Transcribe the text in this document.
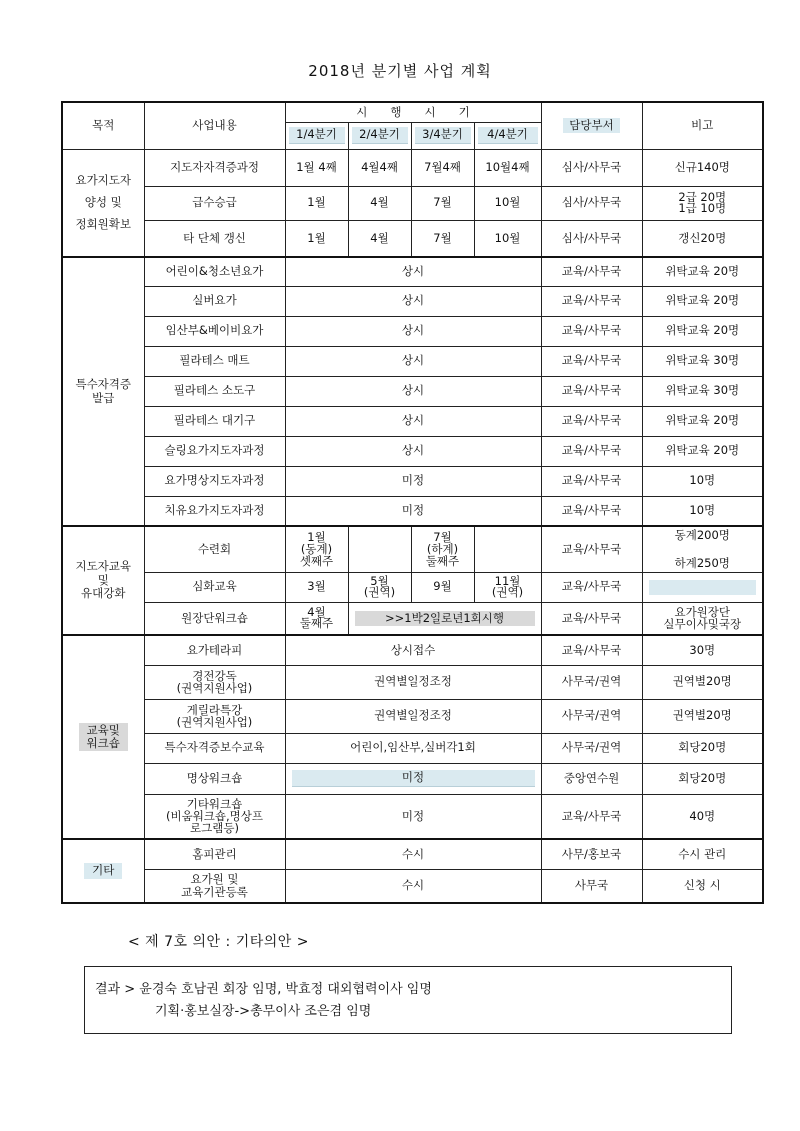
2018년 분기별 사업 계획
목적	사업내용	시　　행　　시　　기				담당부서	비고

		1/4분기	2/4분기	3/4분기	4/4분기		

요가지도자
양성 및
정회원확보	지도자자격증과정	1월 4째	4월4째	7월4째	10월4째	심사/사무국	신규140명
	급수승급	1월	4월	7월	10월	심사/사무국	2급 20명
1급 10명
	타 단체 갱신	1월	4월	7월	10월	심사/사무국	갱신20명
특수자격증
발급	어린이&청소년요가	상시				교육/사무국	위탁교육 20명
	실버요가	상시				교육/사무국	위탁교육 20명
	임산부&베이비요가	상시				교육/사무국	위탁교육 20명
	필라테스 매트	상시				교육/사무국	위탁교육 30명
	필라테스 소도구	상시				교육/사무국	위탁교육 30명
	필라테스 대기구	상시				교육/사무국	위탁교육 20명
	슬링요가지도자과정	상시				교육/사무국	위탁교육 20명
	요가명상지도자과정	미정				교육/사무국	10명
	치유요가지도자과정	미정				교육/사무국	10명
지도자교육
및
유대강화	수련회	1월
(동계)
셋째주		7월
(하계)
둘째주		교육/사무국	동계200명

하계250명
	심화교육	3월	5월
(권역)	9월	11월
(권역)	교육/사무국	

	원장단워크숍	4월
둘째주	>>1박2일로년1회시행			교육/사무국	요가원장단
실무이사및국장
교육및
워크숍	요가테라피	상시접수				교육/사무국	30명
	경전강독
(권역지원사업)	권역별일정조정				사무국/권역	권역별20명
	게릴라특강
(권역지원사업)	권역별일정조정				사무국/권역	권역별20명
	특수자격증보수교육	어린이,임산부,실버각1회				사무국/권역	회당20명
	명상워크숍	미정				중앙연수원	회당20명
	기타워크숍
(비움워크숍,명상프
로그램등)	미정				교육/사무국	40명
기타	홈피관리	수시				사무/홍보국	수시 관리
	요가원 및
교육기관등록	수시				사무국	신청 시
< 제 7호 의안 : 기타의안 >
결과 > 윤경숙 호남권 회장 임명, 박효정 대외협력이사 임명
기획·홍보실장->총무이사 조은겸 임명
